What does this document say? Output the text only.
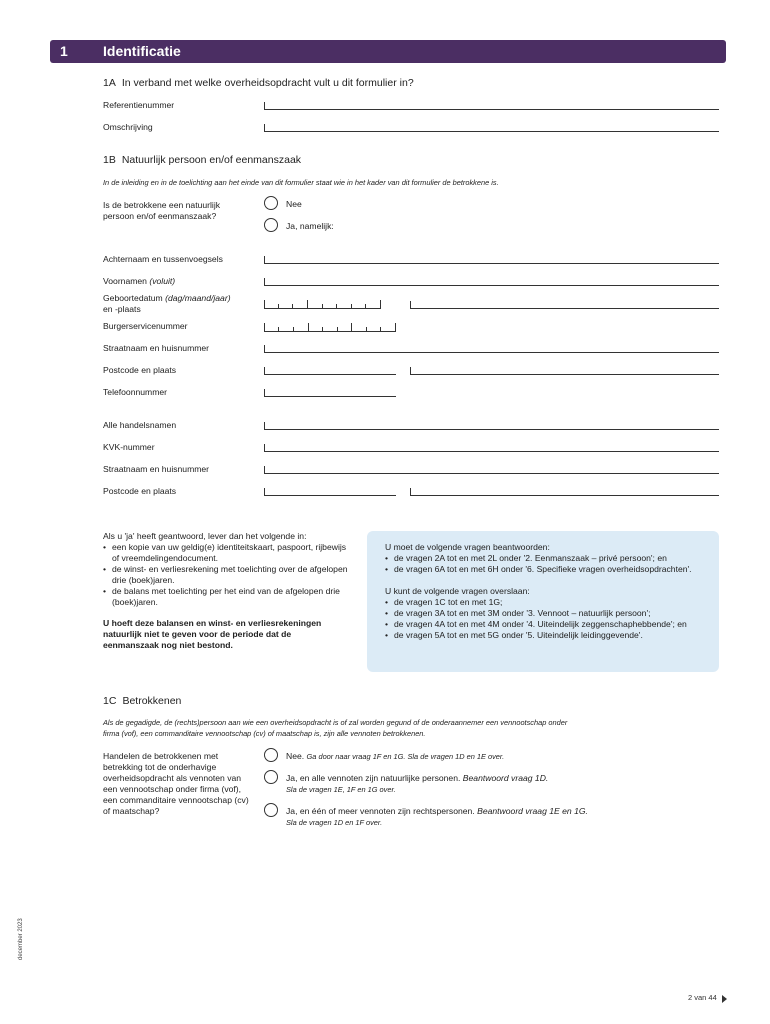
1	Identificatie
1A In verband met welke overheidsopdracht vult u dit formulier in?
Referentienummer
Omschrijving
1B Natuurlijk persoon en/of eenmanszaak
In de inleiding en in de toelichting aan het einde van dit formulier staat wie in het kader van dit formulier de betrokkene is.
Is de betrokkene een natuurlijk persoon en/of eenmanszaak?
Nee
Ja, namelijk:
Achternaam en tussenvoegsels
Voornamen (voluit)
Geboortedatum (dag/maand/jaar)
en -plaats
Burgerservicenummer
Straatnaam en huisnummer
Postcode en plaats
Telefoonnummer
Alle handelsnamen
KVK-nummer
Straatnaam en huisnummer
Postcode en plaats
Als u 'ja' heeft geantwoord, lever dan het volgende in:
• een kopie van uw geldig(e) identiteitskaart, paspoort, rijbewijs of vreemdelingendocument.
• de winst- en verliesrekening met toelichting over de afgelopen drie (boek)jaren.
• de balans met toelichting per het eind van de afgelopen drie (boek)jaren.
U hoeft deze balansen en winst- en verliesrekeningen natuurlijk niet te geven voor de periode dat de eenmanszaak nog niet bestond.
U moet de volgende vragen beantwoorden:
• de vragen 2A tot en met 2L onder '2. Eenmanszaak – privé persoon'; en
• de vragen 6A tot en met 6H onder '6. Specifieke vragen overheidsopdrachten'.
U kunt de volgende vragen overslaan:
• de vragen 1C tot en met 1G;
• de vragen 3A tot en met 3M onder '3. Vennoot – natuurlijk persoon';
• de vragen 4A tot en met 4M onder '4. Uiteindelijk zeggenschaphebbende'; en
• de vragen 5A tot en met 5G onder '5. Uiteindelijk leidinggevende'.
1C Betrokkenen
Als de gegadigde, de (rechts)persoon aan wie een overheidsopdracht is of zal worden gegund of de onderaannemer een vennootschap onder firma (vof), een commanditaire vennootschap (cv) of maatschap is, zijn alle vennoten betrokkenen.
Handelen de betrokkenen met betrekking tot de onderhavige overheidsopdracht als vennoten van een vennootschap onder firma (vof), een commanditaire vennootschap (cv) of maatschap?
Nee. Ga door naar vraag 1F en 1G. Sla de vragen 1D en 1E over.
Ja, en alle vennoten zijn natuurlijke personen. Beantwoord vraag 1D.
Sla de vragen 1E, 1F en 1G over.
Ja, en één of meer vennoten zijn rechtspersonen. Beantwoord vraag 1E en 1G.
Sla de vragen 1D en 1F over.
december 2023
2 van 44
